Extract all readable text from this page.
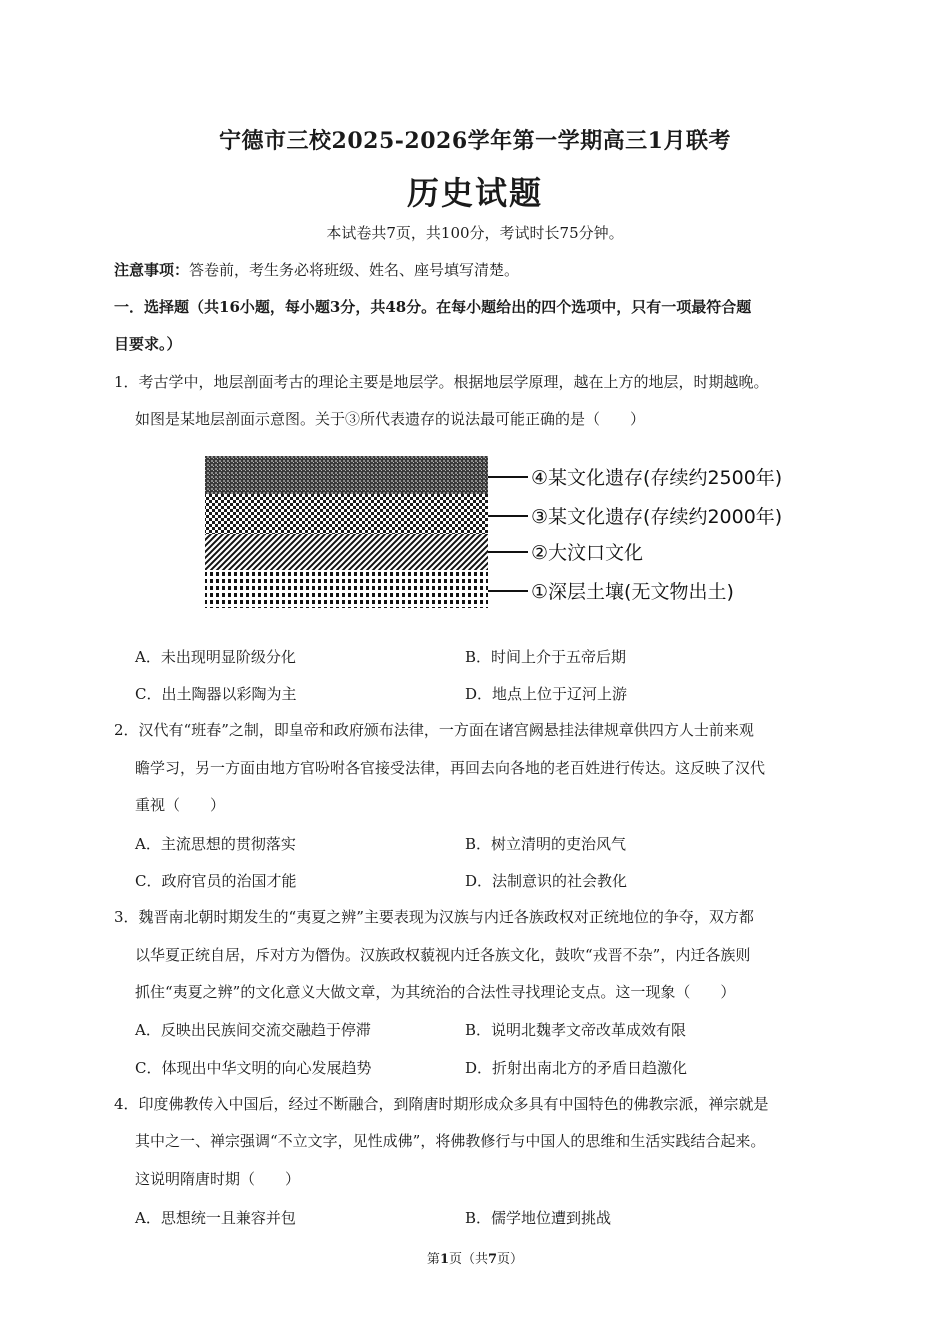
宁德市三校2025-2026学年第一学期高三1月联考
历史试题
本试卷共7页，共100分，考试时长75分钟。
注意事项：答卷前，考生务必将班级、姓名、座号填写清楚。
一．选择题（共16小题，每小题3分，共48分。在每小题给出的四个选项中，只有一项最符合题
目要求。）
1．考古学中，地层剖面考古的理论主要是地层学。根据地层学原理，越在上方的地层，时期越晚。
如图是某地层剖面示意图。关于③所代表遗存的说法最可能正确的是（　　）
④某文化遗存(存续约2500年)
③某文化遗存(存续约2000年)
②大汶口文化
①深层土壤(无文物出土)
A．未出现明显阶级分化	B．时间上介于五帝后期
C．出土陶器以彩陶为主	D．地点上位于辽河上游
2．汉代有“班春”之制，即皇帝和政府颁布法律，一方面在诸宫阙悬挂法律规章供四方人士前来观
瞻学习，另一方面由地方官吩咐各官接受法律，再回去向各地的老百姓进行传达。这反映了汉代
重视（　　）
A．主流思想的贯彻落实	B．树立清明的吏治风气
C．政府官员的治国才能	D．法制意识的社会教化
3．魏晋南北朝时期发生的“夷夏之辨”主要表现为汉族与内迁各族政权对正统地位的争夺，双方都
以华夏正统自居，斥对方为僭伪。汉族政权藐视内迁各族文化，鼓吹“戎晋不杂”，内迁各族则
抓住“夷夏之辨”的文化意义大做文章，为其统治的合法性寻找理论支点。这一现象（　　）
A．反映出民族间交流交融趋于停滞	B．说明北魏孝文帝改革成效有限
C．体现出中华文明的向心发展趋势	D．折射出南北方的矛盾日趋激化
4．印度佛教传入中国后，经过不断融合，到隋唐时期形成众多具有中国特色的佛教宗派，禅宗就是
其中之一、禅宗强调“不立文字，见性成佛”，将佛教修行与中国人的思维和生活实践结合起来。
这说明隋唐时期（　　）
A．思想统一且兼容并包	B．儒学地位遭到挑战
第1页（共7页）
